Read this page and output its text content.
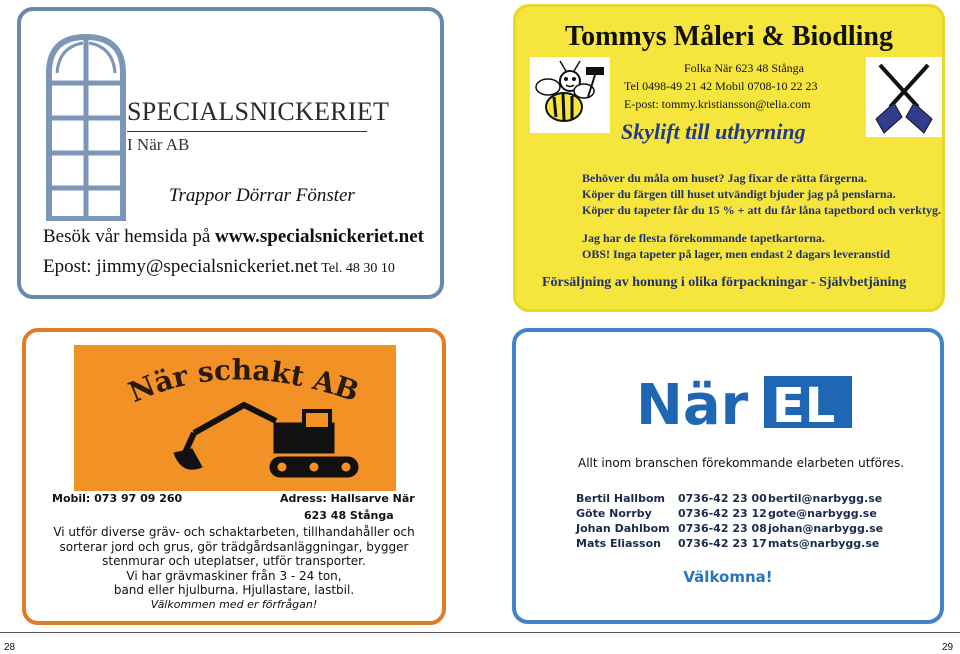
SPECIALSNICKERIET
I När AB
Trappor Dörrar Fönster
Besök vår hemsida på www.specialsnickeriet.net
Epost: jimmy@specialsnickeriet.net Tel. 48 30 10
Tommys Måleri & Biodling
Folka När 623 48 Stånga
Tel 0498-49 21 42 Mobil 0708-10 22 23
E-post: tommy.kristiansson@telia.com
Skylift till uthyrning
Behöver du måla om huset? Jag fixar de rätta färgerna.
Köper du färgen till huset utvändigt bjuder jag på penslarna.
Köper du tapeter får du 15 % + att du får låna tapetbord och verktyg.
Jag har de flesta förekommande tapetkartorna.
OBS! Inga tapeter på lager, men endast 2 dagars leveranstid
Försäljning av honung i olika förpackningar - Självbetjäning
När schakt AB
Mobil: 073 97 09 260	Adress: Hallsarve När
623 48 Stånga
Vi utför diverse gräv- och schaktarbeten, tillhandahåller och
sorterar jord och grus, gör trädgårdsanläggningar, bygger
stenmurar och uteplatser, utför transporter.
Vi har grävmaskiner från 3 - 24 ton,
band eller hjulburna. Hjullastare, lastbil.
Välkommen med er förfrågan!
När EL
Allt inom branschen förekommande elarbeten utföres.
Bertil Hallbom	0736-42 23 00 bertil@narbygg.se
Göte Norrby	0736-42 23 12 gote@narbygg.se
Johan Dahlbom 0736-42 23 08 johan@narbygg.se
Mats Eliasson	0736-42 23 17 mats@narbygg.se
Välkomna!
28	29
